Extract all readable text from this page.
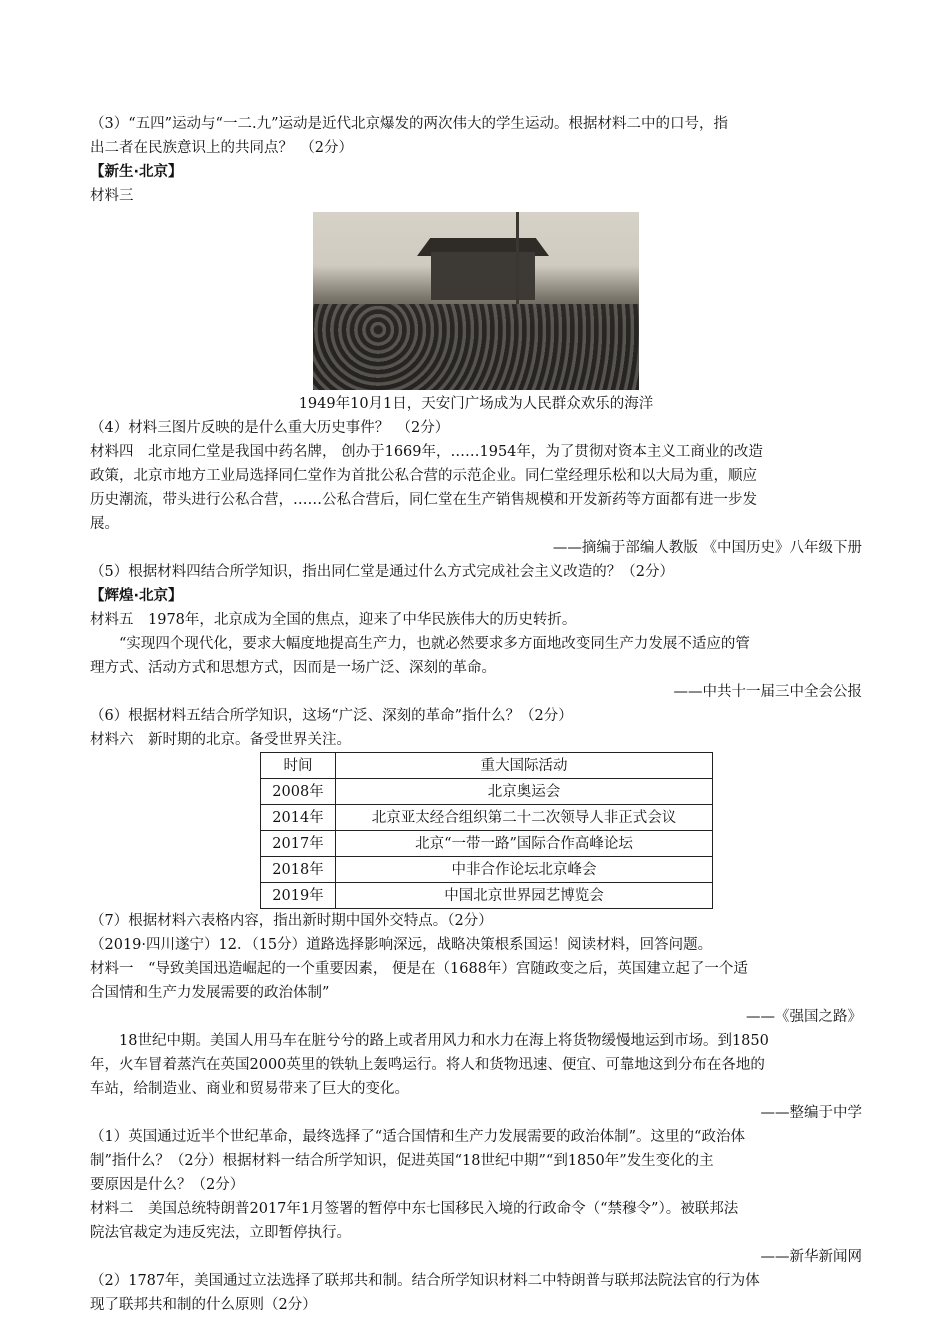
（3）“五四”运动与“一二.九”运动是近代北京爆发的两次伟大的学生运动。根据材料二中的口号，指

出二者在民族意识上的共同点？　（2分）

【新生·北京】

材料三

1949年10月1日，天安门广场成为人民群众欢乐的海洋

（4）材料三图片反映的是什么重大历史事件？　（2分）

材料四　北京同仁堂是我国中药名牌， 创办于1669年，……1954年，为了贯彻对资本主义工商业的改造

政策，北京市地方工业局选择同仁堂作为首批公私合营的示范企业。同仁堂经理乐松和以大局为重，顺应

历史潮流，带头进行公私合营，……公私合营后，同仁堂在生产销售规模和开发新药等方面都有进一步发

展。

——摘编于部编人教版 《中国历史》八年级下册

（5）根据材料四结合所学知识，指出同仁堂是通过什么方式完成社会主义改造的？（2分）

【辉煌·北京】

材料五　1978年，北京成为全国的焦点，迎来了中华民族伟大的历史转折。

“实现四个现代化，要求大幅度地提高生产力，也就必然要求多方面地改变同生产力发展不适应的管

理方式、活动方式和思想方式，因而是一场广泛、深刻的革命。

——中共十一届三中全会公报

（6）根据材料五结合所学知识，这场“广泛、深刻的革命”指什么？（2分）

材料六　新时期的北京。备受世界关注。

时间	重大国际活动
2008年	北京奥运会
2014年	北京亚太经合组织第二十二次领导人非正式会议
2017年	北京“一带一路”国际合作高峰论坛
2018年	中非合作论坛北京峰会
2019年	中国北京世界园艺博览会

（7）根据材料六表格内容，指出新时期中国外交特点。（2分）

（2019·四川遂宁）12．（15分）道路选择影响深远，战略决策根系国运！阅读材料，回答问题。

材料一　“导致美国迅造崛起的一个重要因素， 便是在（1688年）宫随政变之后，英国建立起了一个适

合国情和生产力发展需要的政治体制”

——《强国之路》

18世纪中期。美国人用马车在脏兮兮的路上或者用风力和水力在海上将货物缓慢地运到市场。到1850

年，火车冒着蒸汽在英国2000英里的铁轨上轰鸣运行。将人和货物迅速、便宜、可靠地这到分布在各地的

车站，给制造业、商业和贸易带来了巨大的变化。

——整编于中学

（1）英国通过近半个世纪革命，最终选择了“适合国情和生产力发展需要的政治体制”。这里的“政治体

制”指什么？（2分）根据材料一结合所学知识，促进英国“18世纪中期”“到1850年”发生变化的主

要原因是什么？（2分）

材料二　美国总统特朗普2017年1月签署的暂停中东七国移民入境的行政命令（“禁穆令”）。被联邦法

院法官裁定为违反宪法，立即暂停执行。

——新华新闻网

（2）1787年，美国通过立法选择了联邦共和制。结合所学知识材料二中特朗普与联邦法院法官的行为体

现了联邦共和制的什么原则（2分）
